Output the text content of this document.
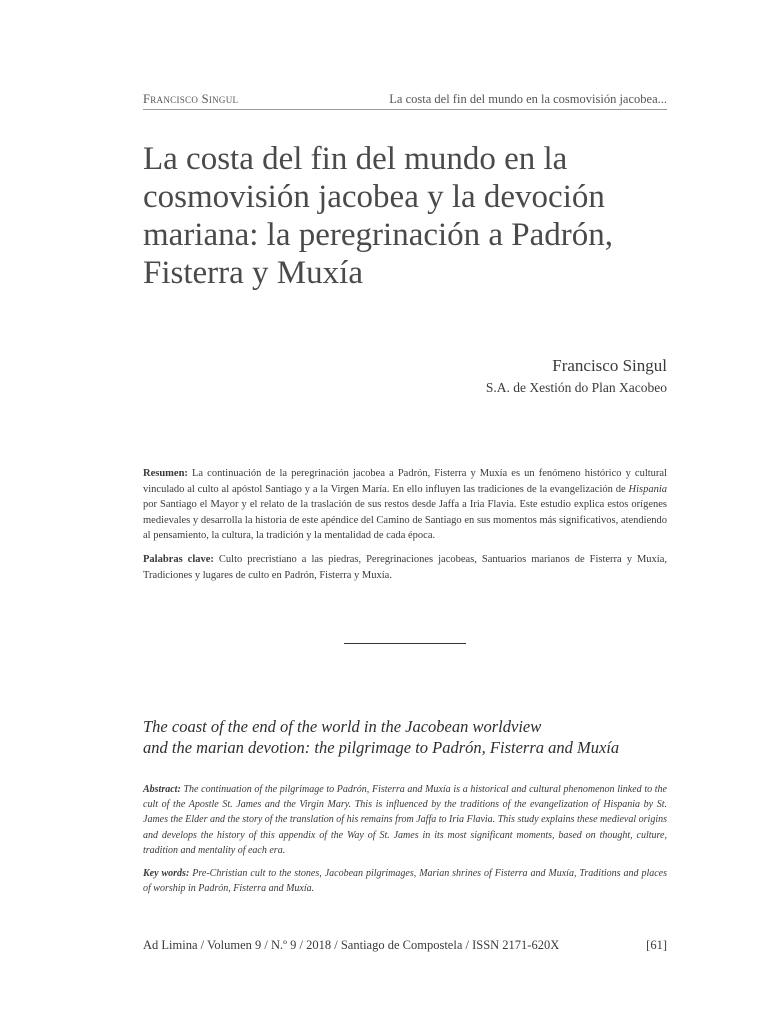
Francisco Singul	La costa del fin del mundo en la cosmovisión jacobea...
La costa del fin del mundo en la cosmovisión jacobea y la devoción mariana: la peregrinación a Padrón, Fisterra y Muxía
Francisco Singul
S.A. de Xestión do Plan Xacobeo

Resumen: La continuación de la peregrinación jacobea a Padrón, Fisterra y Muxía es un fenómeno histórico y cultural vinculado al culto al apóstol Santiago y a la Virgen María. En ello influyen las tradiciones de la evangelización de Hispania por Santiago el Mayor y el relato de la traslación de sus restos desde Jaffa a Iria Flavia. Este estudio explica estos orígenes medievales y desarrolla la historia de este apéndice del Camino de Santiago en sus momentos más significativos, atendiendo al pensamiento, la cultura, la tradición y la mentalidad de cada época.

Palabras clave: Culto precristiano a las piedras, Peregrinaciones jacobeas, Santuarios marianos de Fisterra y Muxía, Tradiciones y lugares de culto en Padrón, Fisterra y Muxía.

The coast of the end of the world in the Jacobean worldview
and the marian devotion: the pilgrimage to Padrón, Fisterra and Muxía

Abstract: The continuation of the pilgrimage to Padrón, Fisterra and Muxía is a historical and cultural phenomenon linked to the cult of the Apostle St. James and the Virgin Mary. This is influenced by the traditions of the evangelization of Hispania by St. James the Elder and the story of the translation of his remains from Jaffa to Iria Flavia. This study explains these medieval origins and develops the history of this appendix of the Way of St. James in its most significant moments, based on thought, culture, tradition and mentality of each era.

Key words: Pre-Christian cult to the stones, Jacobean pilgrimages, Marian shrines of Fisterra and Muxía, Traditions and places of worship in Padrón, Fisterra and Muxía.

Ad Limina / Volumen 9 / N.º 9 / 2018 / Santiago de Compostela / ISSN 2171-620X	[61]
